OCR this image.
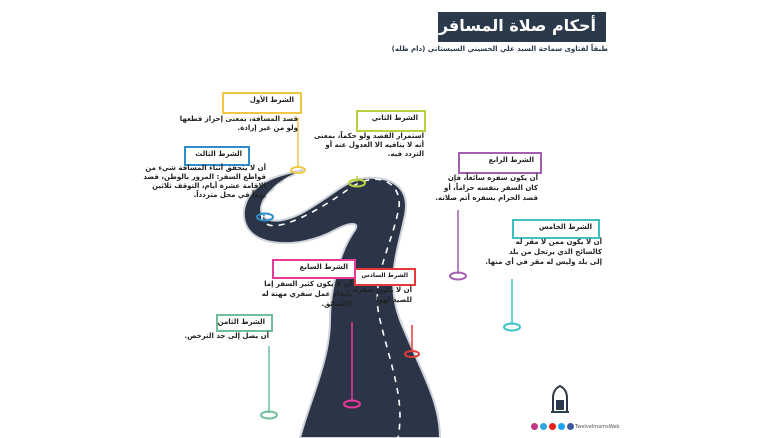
أحكام صلاة المسافر
طبقاً لفتاوى سماحة السيد علي الحسيني السيستاني (دام ظله)
الشرط الأول
قصد المسافة، بمعنى إحراز قطعها
ولو من غير إرادة.
الشرط الثاني
استمرار القصد ولو حكماً، بمعنى
أنه لا ينافيه الا العدول عنه أو
التردد فيه.
الشرط الثالث
أن لا يتحقق أثناء المسافة شيء من
قواطع السفر: المرور بالوطن، قصد
الإقامة عشرة أيام، التوقف ثلاثين
يوماً في محل متردداً.
الشرط الرابع
أن يكون سفره سائغاً، فإن
كان السفر بنفسه حراماً، أو
قصد الحرام بسفره أتم صلاته.
الشرط الخامس
أن لا يكون ممن لا مقر له
كالسائح الذي يرتحل من بلد
إلى بلد وليس له مقر في أي منها.
الشرط السادس
أن لا يكون سفره
للصيد لهوا.
الشرط السابع
أن لا يكون كثير السفر إما
باتخاذ عمل سفري مهنة له
كالسائق.
الشرط الثامن
أن يصل إلى حد الترخص.
TwelveImamsWeb
